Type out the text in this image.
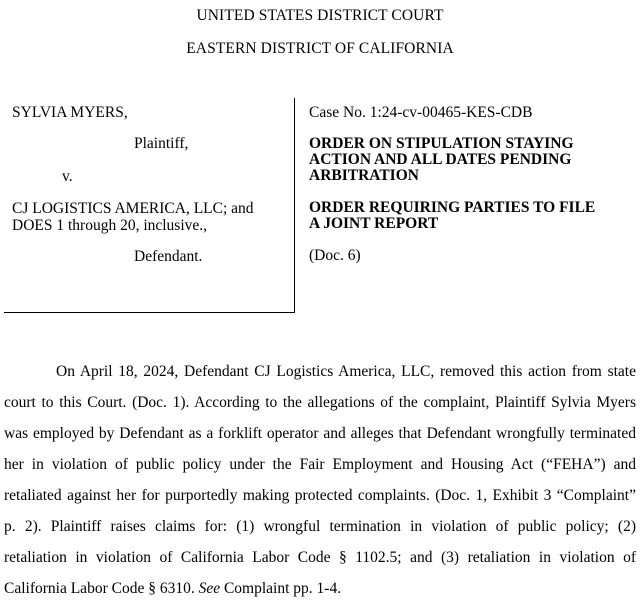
UNITED STATES DISTRICT COURT
EASTERN DISTRICT OF CALIFORNIA
SYLVIA MYERS,
Plaintiff,
v.
CJ LOGISTICS AMERICA, LLC; and
DOES 1 through 20, inclusive.,
Defendant.
Case No. 1:24-cv-00465-KES-CDB
ORDER ON STIPULATION STAYING
ACTION AND ALL DATES PENDING
ARBITRATION
ORDER REQUIRING PARTIES TO FILE
A JOINT REPORT
(Doc. 6)
On April 18, 2024, Defendant CJ Logistics America, LLC, removed this action from state
court to this Court. (Doc. 1). According to the allegations of the complaint, Plaintiff Sylvia Myers
was employed by Defendant as a forklift operator and alleges that Defendant wrongfully terminated
her in violation of public policy under the Fair Employment and Housing Act (“FEHA”) and
retaliated against her for purportedly making protected complaints. (Doc. 1, Exhibit 3 “Complaint”
p. 2). Plaintiff raises claims for: (1) wrongful termination in violation of public policy; (2)
retaliation in violation of California Labor Code § 1102.5; and (3) retaliation in violation of
California Labor Code § 6310. See Complaint pp. 1-4.
